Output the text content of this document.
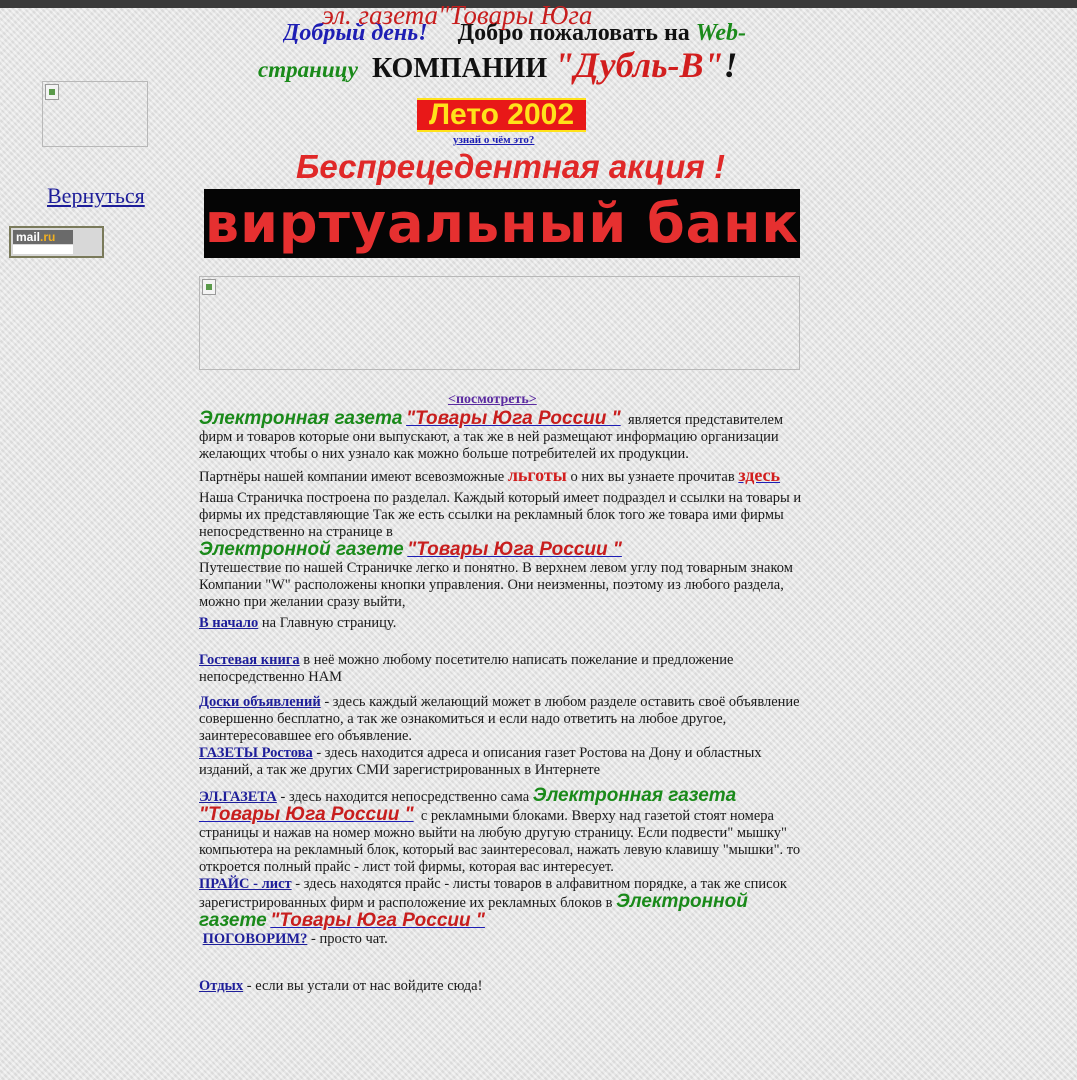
Добрый день! Добро пожаловать на Web-
эл. газета"Товары Юга
страницу КОМПАНИИ "Дубль-В"!
Вернуться
mail.ru
Лето 2002
узнай о чём это?
Беспрецедентная акция !
виртуальный банк
<посмотреть>

Электронная газета "Товары Юга России " является представителем фирм и товаров которые они выпускают, а так же в ней размещают информацию организации желающих чтобы о них узнало как можно больше потребителей их продукции.

Партнёры нашей компании имеют всевозможные льготы о них вы узнаете прочитав здесь

Наша Страничка построена по разделал. Каждый который имеет подраздел и ссылки на товары и фирмы их представляющие Так же есть ссылки на рекламный блок того же товара ими фирмы непосредственно на странице в
Электронной газете "Товары Юга России "

Путешествие по нашей Страничке легко и понятно. В верхнем левом углу под товарным знаком Компании "W" расположены кнопки управления. Они неизменны, поэтому из любого раздела, можно при желании сразу выйти,

В начало на Главную страницу.

Гостевая книга в неё можно любому посетителю написать пожелание и предложение непосредственно НАМ

Доски объявлений - здесь каждый желающий может в любом разделе оставить своё объявление совершенно бесплатно, а так же ознакомиться и если надо ответить на любое другое, заинтересовавшее его объявление.

ГАЗЕТЫ Ростова - здесь находится адреса и описания газет Ростова на Дону и областных изданий, а так же других СМИ зарегистрированных в Интернете

ЭЛ.ГАЗЕТА - здесь находится непосредственно сама Электронная газета "Товары Юга России " с рекламными блоками. Вверху над газетой стоят номера страницы и нажав на номер можно выйти на любую другую страницу. Если подвести" мышку" компьютера на рекламный блок, который вас заинтересовал, нажать левую клавишу "мышки". то откроется полный прайс - лист той фирмы, которая вас интересует.

ПРАЙС - лист - здесь находятся прайс - листы товаров в алфавитном порядке, а так же список зарегистрированных фирм и расположение их рекламных блоков в Электронной газете "Товары Юга России "

ПОГОВОРИМ? - просто чат.

Отдых - если вы устали от нас войдите сюда!
